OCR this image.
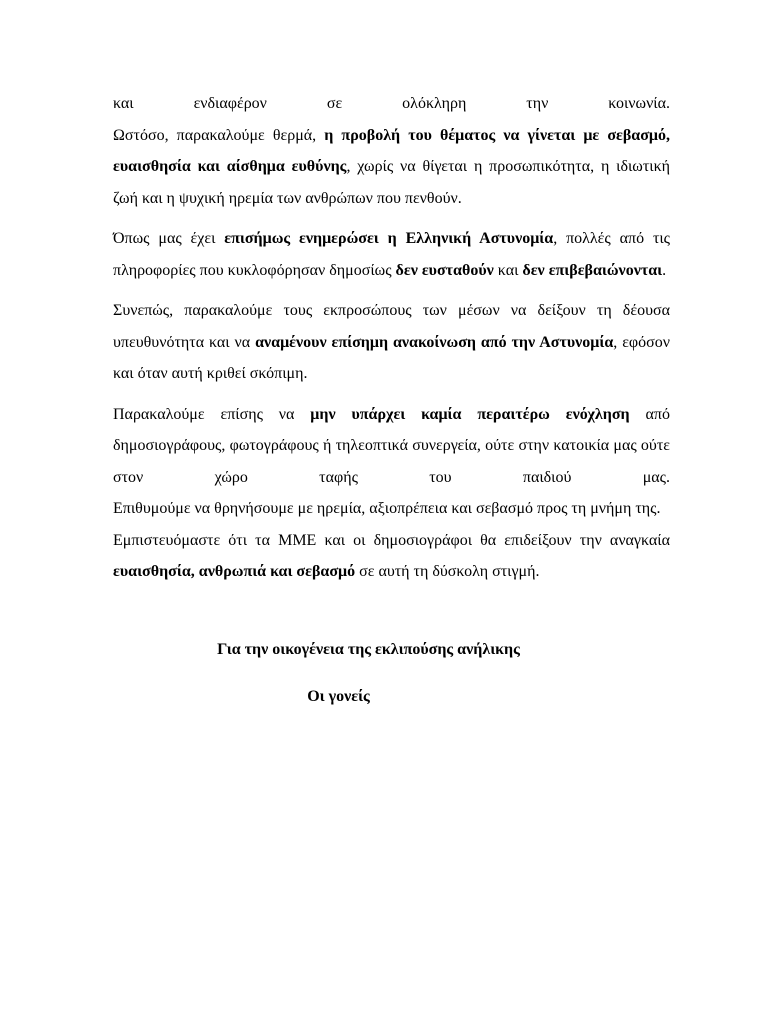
και ενδιαφέρον σε ολόκληρη την κοινωνία.

Ωστόσο, παρακαλούμε θερμά, η προβολή του θέματος να γίνεται με σεβασμό, ευαισθησία και αίσθημα ευθύνης, χωρίς να θίγεται η προσωπικότητα, η ιδιωτική ζωή και η ψυχική ηρεμία των ανθρώπων που πενθούν.

Όπως μας έχει επισήμως ενημερώσει η Ελληνική Αστυνομία, πολλές από τις πληροφορίες που κυκλοφόρησαν δημοσίως δεν ευσταθούν και δεν επιβεβαιώνονται.

Συνεπώς, παρακαλούμε τους εκπροσώπους των μέσων να δείξουν τη δέουσα υπευθυνότητα και να αναμένουν επίσημη ανακοίνωση από την Αστυνομία, εφόσον και όταν αυτή κριθεί σκόπιμη.

Παρακαλούμε επίσης να μην υπάρχει καμία περαιτέρω ενόχληση από δημοσιογράφους, φωτογράφους ή τηλεοπτικά συνεργεία, ούτε στην κατοικία μας ούτε στον χώρο ταφής του παιδιού μας.

Επιθυμούμε να θρηνήσουμε με ηρεμία, αξιοπρέπεια και σεβασμό προς τη μνήμη της.

Εμπιστευόμαστε ότι τα ΜΜΕ και οι δημοσιογράφοι θα επιδείξουν την αναγκαία ευαισθησία, ανθρωπιά και σεβασμό σε αυτή τη δύσκολη στιγμή.

Για την οικογένεια της εκλιπούσης ανήλικης

Οι γονείς
